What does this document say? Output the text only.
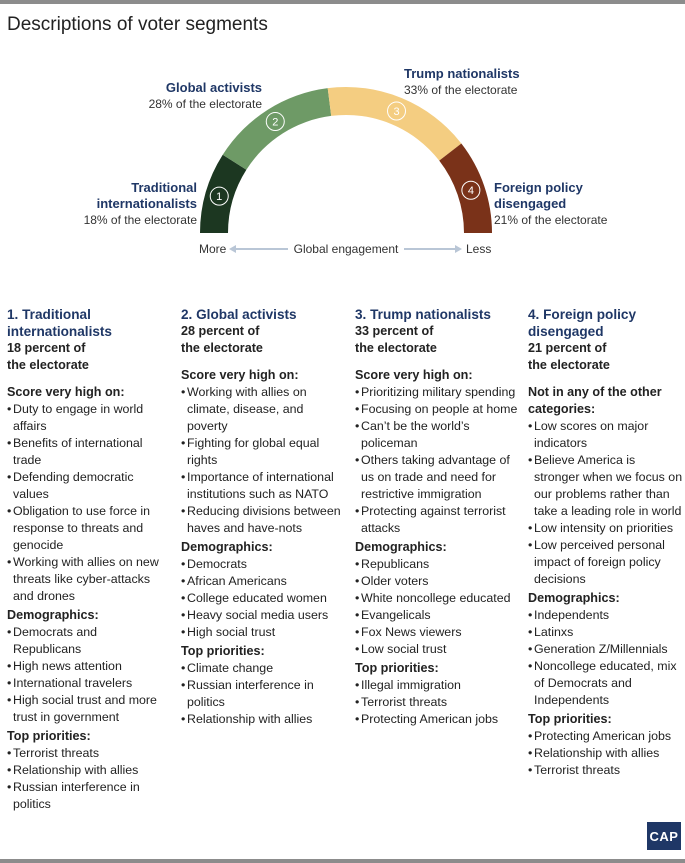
Descriptions of voter segments
1
2
3
4
Traditional
internationalists
18% of the electorate
Global activists
28% of the electorate
Trump nationalists
33% of the electorate
Foreign policy
disengaged
21% of the electorate
More	Global engagement	Less
1. Traditional
internationalists
18 percent of
the electorate
Score very high on:
• Duty to engage in world affairs
• Benefits of international trade
• Defending democratic values
• Obligation to use force in response to threats and genocide
• Working with allies on new threats like cyber-attacks and drones
Demographics:
• Democrats and Republicans
• High news attention
• International travelers
• High social trust and more trust in government
Top priorities:
• Terrorist threats
• Relationship with allies
• Russian interference in politics
2. Global activists
28 percent of
the electorate
Score very high on:
• Working with allies on climate, disease, and poverty
• Fighting for global equal rights
• Importance of international institutions such as NATO
• Reducing divisions between haves and have-nots
Demographics:
• Democrats
• African Americans
• College educated women
• Heavy social media users
• High social trust
Top priorities:
• Climate change
• Russian interference in politics
• Relationship with allies
3. Trump nationalists
33 percent of
the electorate
Score very high on:
• Prioritizing military spending
• Focusing on people at home
• Can’t be the world’s policeman
• Others taking advantage of us on trade and need for restrictive immigration
• Protecting against terrorist attacks
Demographics:
• Republicans
• Older voters
• White noncollege educated
• Evangelicals
• Fox News viewers
• Low social trust
Top priorities:
• Illegal immigration
• Terrorist threats
• Protecting American jobs
4. Foreign policy
disengaged
21 percent of
the electorate
Not in any of the other categories:
• Low scores on major indicators
• Believe America is stronger when we focus on our problems rather than take a leading role in world
• Low intensity on priorities
• Low perceived personal impact of foreign policy decisions
Demographics:
• Independents
• Latinxs
• Generation Z/Millennials
• Noncollege educated, mix of Democrats and Independents
Top priorities:
• Protecting American jobs
• Relationship with allies
• Terrorist threats
CAP
